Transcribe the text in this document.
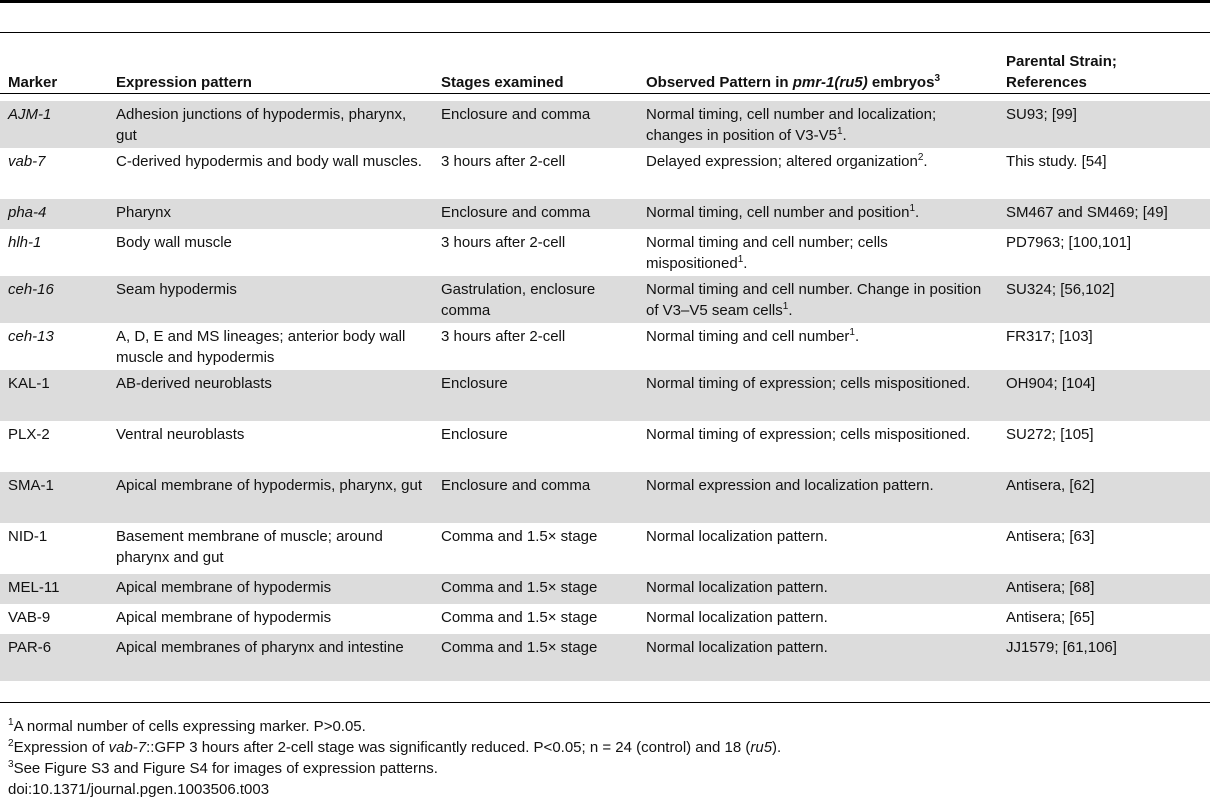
Marker	Expression pattern	Stages examined	Observed Pattern in pmr-1(ru5) embryos$^3$	Parental Strain;
References
AJM-1	Adhesion junctions of hypodermis, pharynx, gut	Enclosure and comma	Normal timing, cell number and localization; changes in position of $V3-V5^1$.	SU93; [99]
vab-7	C-derived hypodermis and body wall muscles.	3 hours after 2-cell	Delayed expression; altered organization$^2$.	This study. [54]
pha-4	Pharynx	Enclosure and comma	Normal timing, cell number and position$^1$.	SM467 and SM469; [49]
hlh-1	Body wall muscle	3 hours after 2-cell	Normal timing and cell number; cells mispositioned$^1$.	PD7963; [100,101]
ceh-16	Seam hypodermis	Gastrulation, enclosure comma	Normal timing and cell number. Change in position of V3–V5 seam cells$^1$.	SU324; [56,102]
ceh-13	A, D, E and MS lineages; anterior body wall muscle and hypodermis	3 hours after 2-cell	Normal timing and cell number$^1$.	FR317; [103]
KAL-1	AB-derived neuroblasts	Enclosure	Normal timing of expression; cells mispositioned.	OH904; [104]
PLX-2	Ventral neuroblasts	Enclosure	Normal timing of expression; cells mispositioned.	SU272; [105]
SMA-1	Apical membrane of hypodermis, pharynx, gut	Enclosure and comma	Normal expression and localization pattern.	Antisera, [62]
NID-1	Basement membrane of muscle; around pharynx and gut	Comma and 1.5× stage	Normal localization pattern.	Antisera; [63]
MEL-11	Apical membrane of hypodermis	Comma and 1.5× stage	Normal localization pattern.	Antisera; [68]
VAB-9	Apical membrane of hypodermis	Comma and 1.5× stage	Normal localization pattern.	Antisera; [65]
PAR-6	Apical membranes of pharynx and intestine	Comma and 1.5× stage	Normal localization pattern.	JJ1579; [61,106]
$^1$A normal number of cells expressing marker. P>0.05.
$^2$Expression of vab-7::GFP 3 hours after 2-cell stage was significantly reduced. P<0.05; n = 24 (control) and 18 (ru5).
$^3$See Figure S3 and Figure S4 for images of expression patterns.
doi:10.1371/journal.pgen.1003506.t003
